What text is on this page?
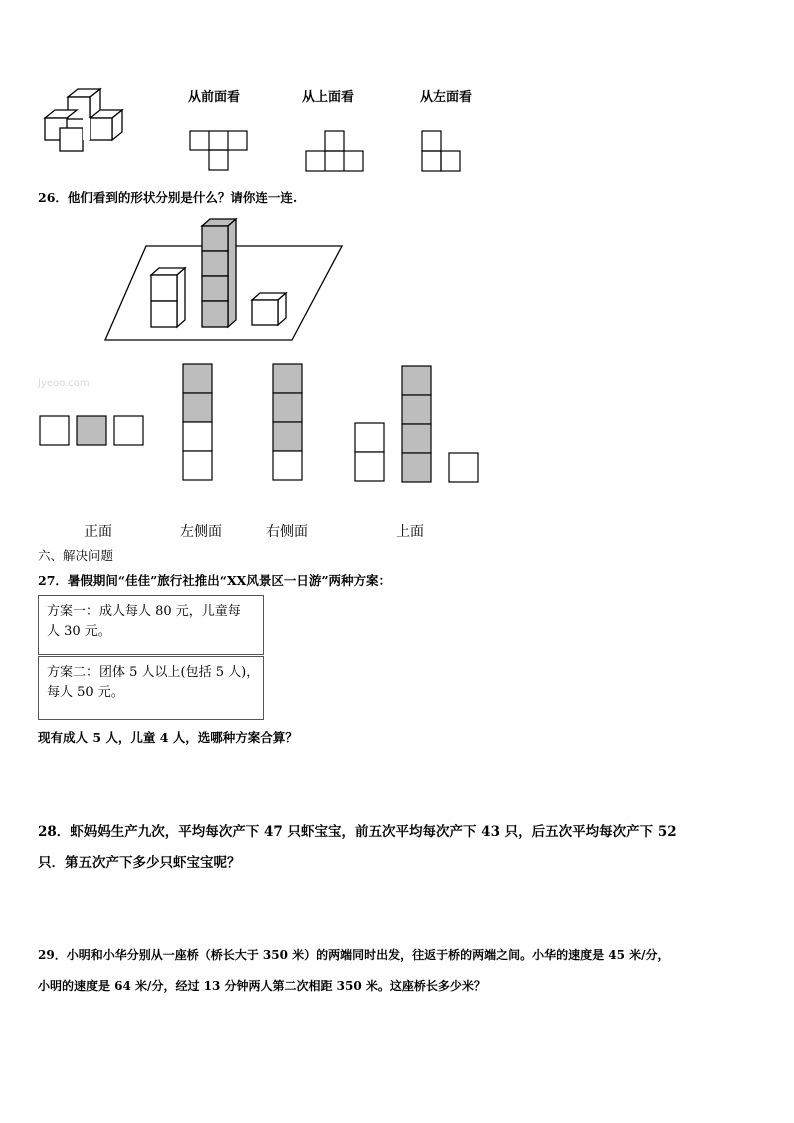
从前面看	从上面看	从左面看
26．他们看到的形状分别是什么？请你连一连.
Jyeoo.com
正面	左侧面	右侧面	上面
六、解决问题
27．暑假期间“佳佳”旅行社推出“XX风景区一日游”两种方案：
方案一：成人每人 80 元，儿童每
人 30 元。
方案二：团体 5 人以上(包括 5 人)，
每人 50 元。
现有成人 5 人，儿童 4 人，选哪种方案合算？
28．虾妈妈生产九次，平均每次产下 47 只虾宝宝，前五次平均每次产下 43 只，后五次平均每次产下 52
只．第五次产下多少只虾宝宝呢？
29．小明和小华分别从一座桥（桥长大于 350 米）的两端同时出发，往返于桥的两端之间。小华的速度是 45 米/分，
小明的速度是 64 米/分，经过 13 分钟两人第二次相距 350 米。这座桥长多少米？
